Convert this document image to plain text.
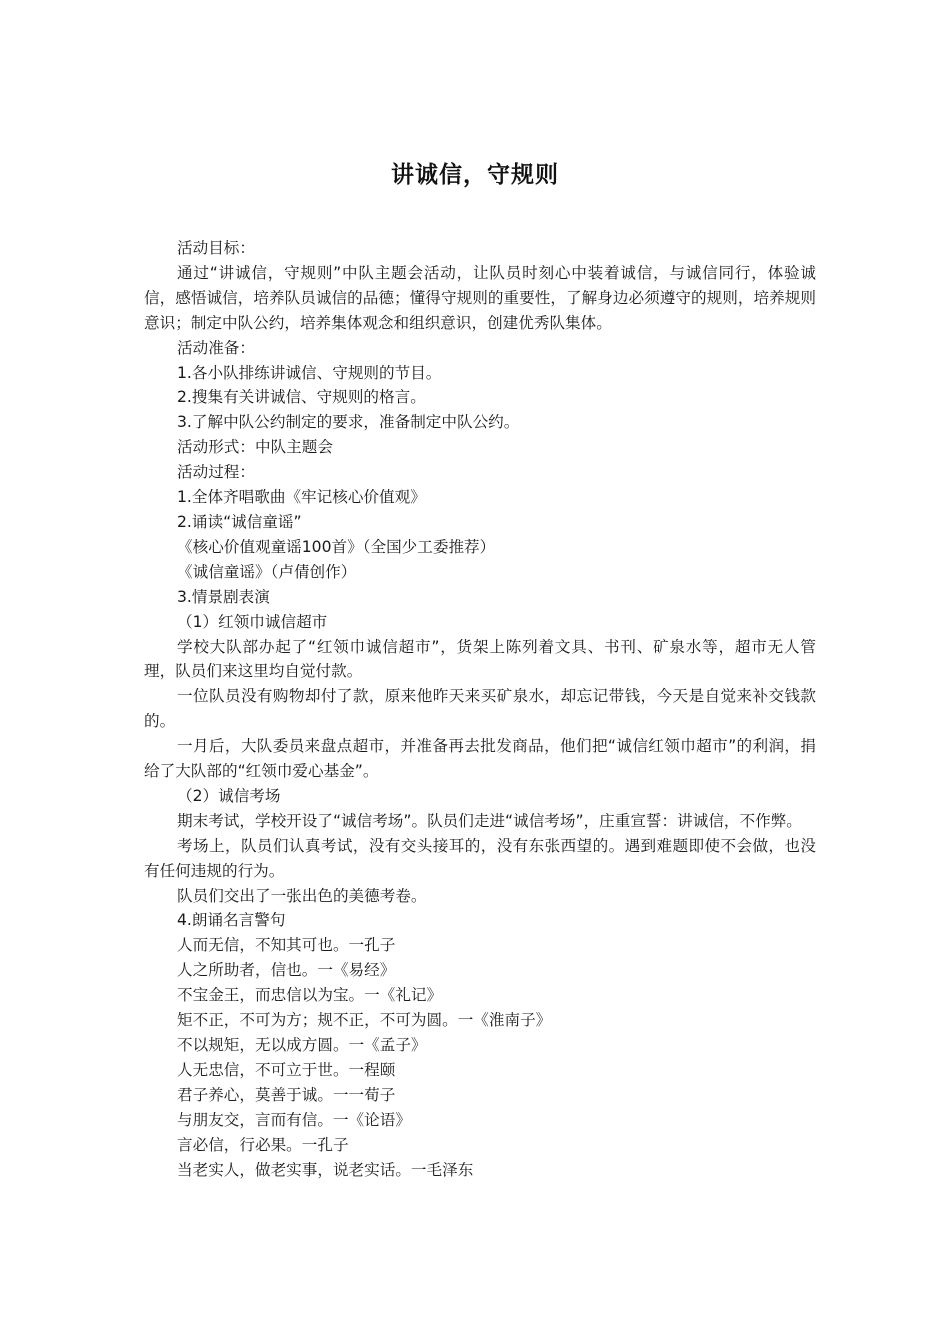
讲诚信，守规则

活动目标：

通过“讲诚信，守规则”中队主题会活动，让队员时刻心中装着诚信，与诚信同行，体验诚信，感悟诚信，培养队员诚信的品德；懂得守规则的重要性，了解身边必须遵守的规则，培养规则意识；制定中队公约，培养集体观念和组织意识，创建优秀队集体。

活动准备：

1.各小队排练讲诚信、守规则的节目。

2.搜集有关讲诚信、守规则的格言。

3.了解中队公约制定的要求，准备制定中队公约。

活动形式：中队主题会

活动过程：

1.全体齐唱歌曲《牢记核心价值观》

2.诵读“诚信童谣”

《核心价值观童谣100首》（全国少工委推荐）

《诚信童谣》（卢倩创作）

3.情景剧表演

（1）红领巾诚信超市

学校大队部办起了“红领巾诚信超市”，货架上陈列着文具、书刊、矿泉水等，超市无人管理，队员们来这里均自觉付款。

一位队员没有购物却付了款，原来他昨天来买矿泉水，却忘记带钱，今天是自觉来补交钱款的。

一月后，大队委员来盘点超市，并准备再去批发商品，他们把“诚信红领巾超市”的利润，捐给了大队部的“红领巾爱心基金”。

（2）诚信考场

期末考试，学校开设了“诚信考场”。队员们走进“诚信考场”，庄重宣誓：讲诚信，不作弊。

考场上，队员们认真考试，没有交头接耳的，没有东张西望的。遇到难题即使不会做，也没有任何违规的行为。

队员们交出了一张出色的美德考卷。

4.朗诵名言警句

人而无信，不知其可也。一孔子

人之所助者，信也。一《易经》

不宝金王，而忠信以为宝。一《礼记》

矩不正，不可为方；规不正，不可为圆。一《淮南子》

不以规矩，无以成方圆。一《孟子》

人无忠信，不可立于世。一程颐

君子养心，莫善于诚。一一荀子

与朋友交，言而有信。一《论语》

言必信，行必果。一孔子

当老实人，做老实事，说老实话。一毛泽东
